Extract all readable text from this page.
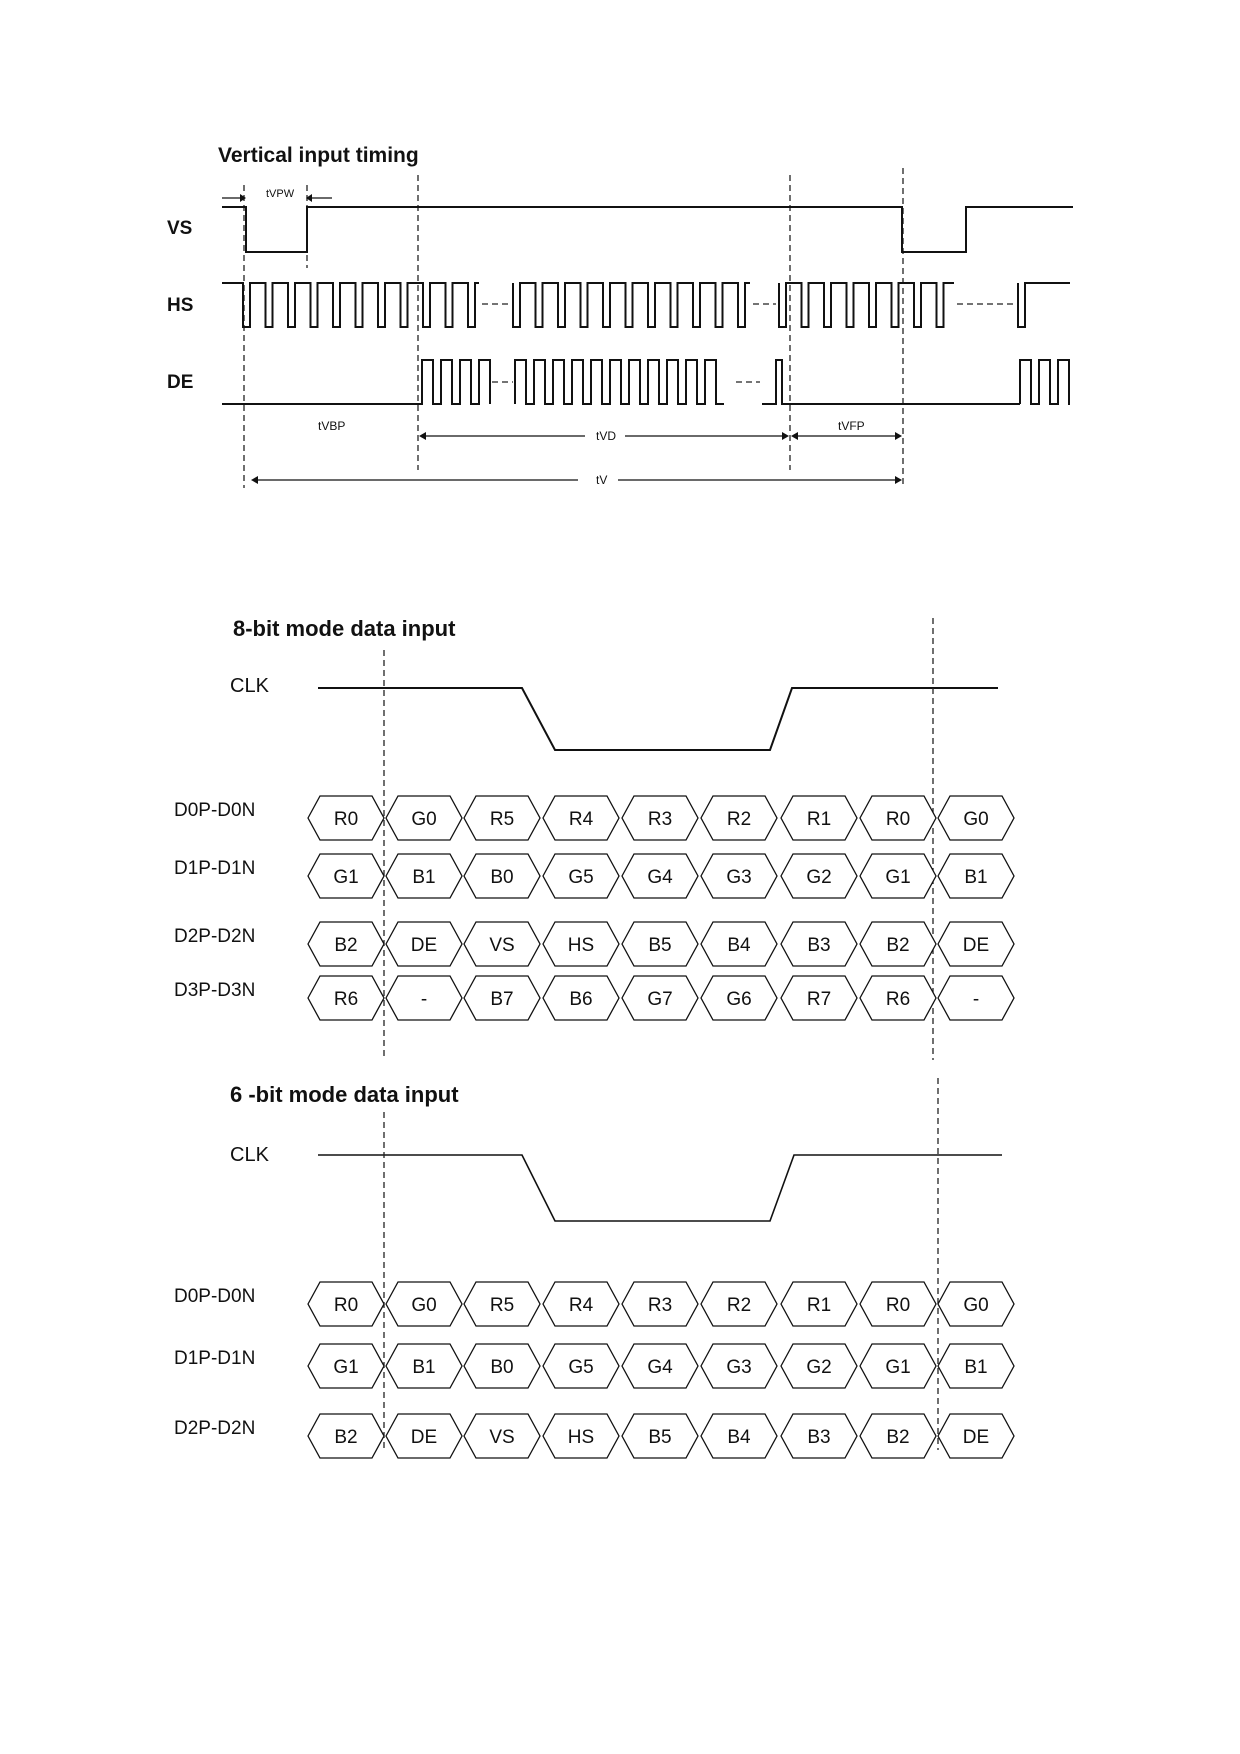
Vertical input timing
VS
HS
DE
tVPW
tVBP
tVD
tVFP
tV
8-bit mode data input
CLK
D0P-D0N	R0	G0	R5	R4	R3	R2	R1	R0	G0
D1P-D1N	G1	B1	B0	G5	G4	G3	G2	G1	B1
D2P-D2N	B2	DE	VS	HS	B5	B4	B3	B2	DE
D3P-D3N	R6	-	B7	B6	G7	G6	R7	R6	-
6 -bit mode data input
CLK
D0P-D0N	R0	G0	R5	R4	R3	R2	R1	R0	G0
D1P-D1N	G1	B1	B0	G5	G4	G3	G2	G1	B1
D2P-D2N	B2	DE	VS	HS	B5	B4	B3	B2	DE
